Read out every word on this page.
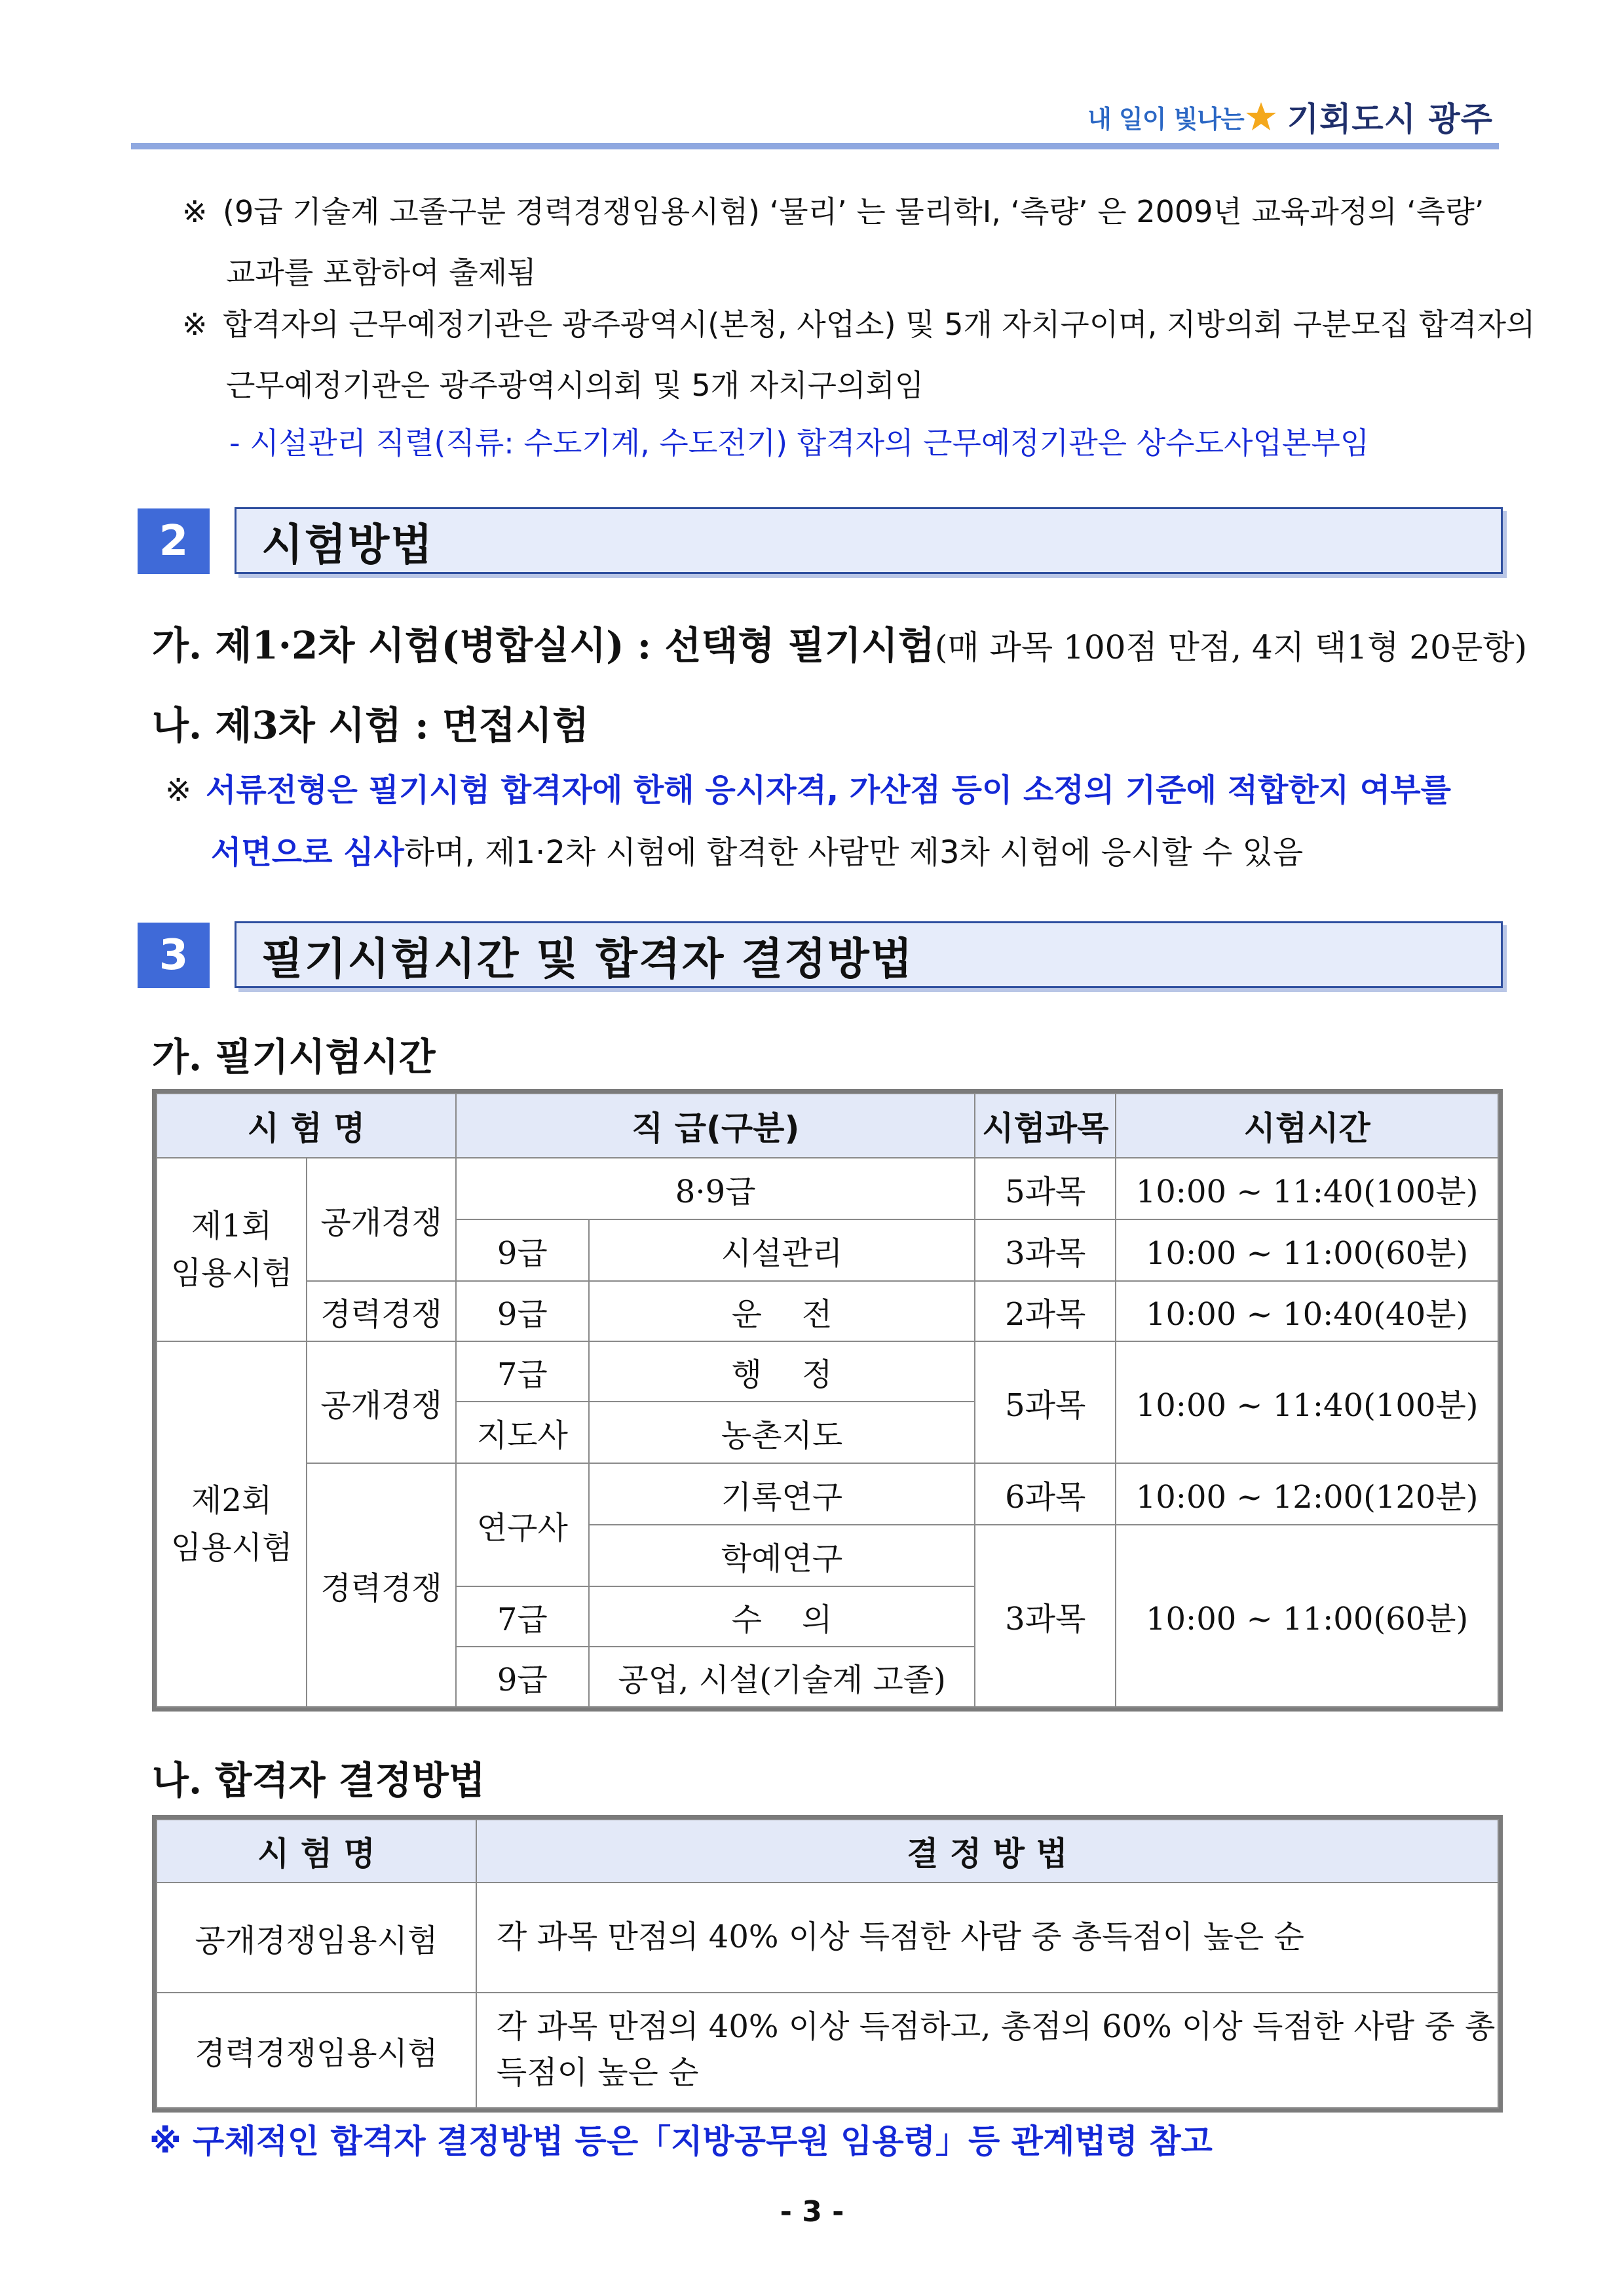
내 일이 빛나는 기회도시 광주
※ (9급 기술계 고졸구분 경력경쟁임용시험) ‘물리’ 는 물리학Ⅰ, ‘측량’ 은 2009년 교육과정의 ‘측량’
교과를 포함하여 출제됨
※ 합격자의 근무예정기관은 광주광역시(본청, 사업소) 및 5개 자치구이며, 지방의회 구분모집 합격자의
근무예정기관은 광주광역시의회 및 5개 자치구의회임
- 시설관리 직렬(직류: 수도기계, 수도전기) 합격자의 근무예정기관은 상수도사업본부임
2	시험방법
가. 제1·2차 시험(병합실시) : 선택형 필기시험(매 과목 100점 만점, 4지 택1형 20문항)
나. 제3차 시험 : 면접시험
※ 서류전형은 필기시험 합격자에 한해 응시자격, 가산점 등이 소정의 기준에 적합한지 여부를
서면으로 심사하며, 제1·2차 시험에 합격한 사람만 제3차 시험에 응시할 수 있음
3	필기시험시간 및 합격자 결정방법
가. 필기시험시간
시 험 명		직 급(구분)		시험과목	시험시간
제1회
임용시험	공개경쟁	8·9급		5과목	10:00 ~ 11:40(100분)
		9급	시설관리	3과목	10:00 ~ 11:00(60분)
	경력경쟁	9급	운    전	2과목	10:00 ~ 10:40(40분)
제2회
임용시험	공개경쟁	7급	행    정	5과목	10:00 ~ 11:40(100분)
		지도사	농촌지도		
	경력경쟁	연구사	기록연구	6과목	10:00 ~ 12:00(120분)
			학예연구	3과목	10:00 ~ 11:00(60분)
		7급	수    의		
		9급	공업, 시설(기술계 고졸)		
나. 합격자 결정방법
시 험 명	결 정 방 법
공개경쟁임용시험	각 과목 만점의 40% 이상 득점한 사람 중 총득점이 높은 순
경력경쟁임용시험	각 과목 만점의 40% 이상 득점하고, 총점의 60% 이상 득점한 사람 중 총득점이 높은 순
※ 구체적인 합격자 결정방법 등은「지방공무원 임용령」등 관계법령 참고
- 3 -
